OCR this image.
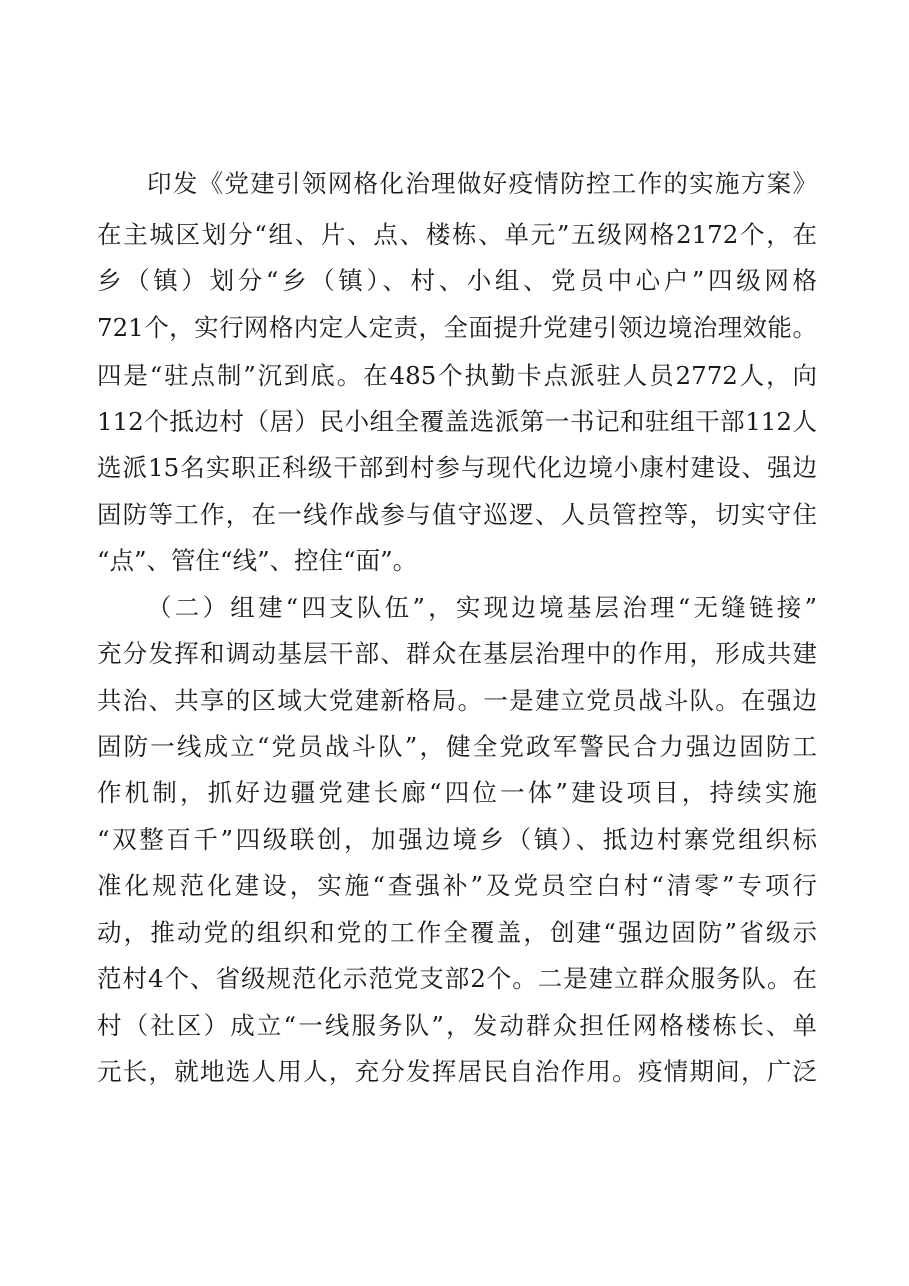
印发《党建引领网格化治理做好疫情防控工作的实施方案》
在主城区划分“组、片、点、楼栋、单元”五级网格2172个，在
乡（镇）划分“乡（镇）、村、小组、党员中心户”四级网格
721个，实行网格内定人定责，全面提升党建引领边境治理效能。
四是“驻点制”沉到底。在485个执勤卡点派驻人员2772人，向
112个抵边村（居）民小组全覆盖选派第一书记和驻组干部112人
选派15名实职正科级干部到村参与现代化边境小康村建设、强边
固防等工作，在一线作战参与值守巡逻、人员管控等，切实守住
“点”、管住“线”、控住“面”。
（二）组建“四支队伍”，实现边境基层治理“无缝链接”
充分发挥和调动基层干部、群众在基层治理中的作用，形成共建
共治、共享的区域大党建新格局。一是建立党员战斗队。在强边
固防一线成立“党员战斗队”，健全党政军警民合力强边固防工
作机制，抓好边疆党建长廊“四位一体”建设项目，持续实施
“双整百千”四级联创，加强边境乡（镇）、抵边村寨党组织标
准化规范化建设，实施“查强补”及党员空白村“清零”专项行
动，推动党的组织和党的工作全覆盖，创建“强边固防”省级示
范村4个、省级规范化示范党支部2个。二是建立群众服务队。在
村（社区）成立“一线服务队”，发动群众担任网格楼栋长、单
元长，就地选人用人，充分发挥居民自治作用。疫情期间，广泛
